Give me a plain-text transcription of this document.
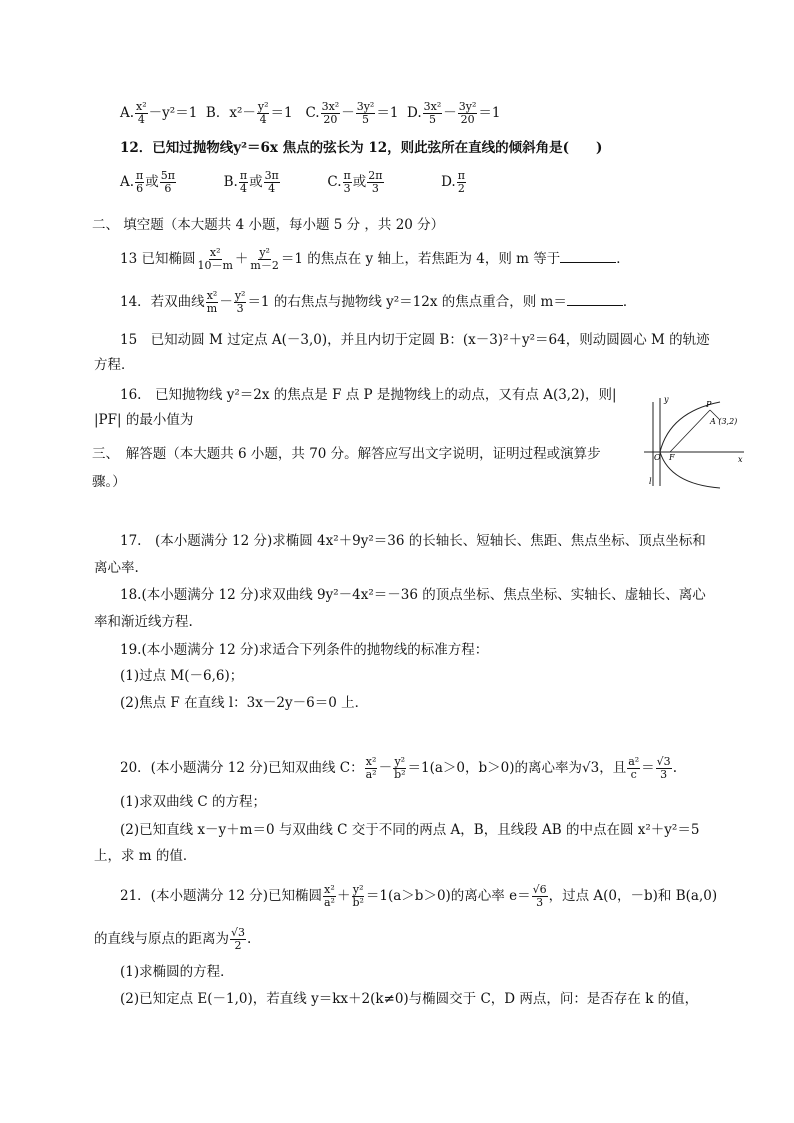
A. $\frac{\text{x²}}{4} -y^2=1$ B．$x^2- \frac{\text{y²}}{4} =1$ C. $\frac{\text{3x²}}{20} - \frac{\text{3y²}}{5} =1$ D. $\frac{\text{3x²}}{5} - \frac{\text{3y²}}{20} =1$
12．已知过抛物线y²＝6x 焦点的弦长为 12，则此弦所在直线的倾斜角是(　　)
A. $\frac{\pi}{6}$ 或 $\frac{5\pi}{6}$	B. $\frac{\pi}{4}$ 或 $\frac{3\pi}{4}$	C. $\frac{\pi}{3}$ 或 $\frac{2\pi}{3}$	D. $\frac{\pi}{2}$
二、 填空题（本大题共 4 小题，每小题 5 分 ，共 20 分）
13 已知椭圆 $\frac{\text{x²}}{10-m} + \frac{\text{y²}}{m-2} =1$ 的焦点在 y 轴上，若焦距为 4，则 m 等于	．
14．若双曲线 $\frac{\text{x²}}{m} - \frac{\text{y²}}{3} =1$ 的右焦点与抛物线 y²＝12x 的焦点重合，则 m＝	．
15　已知动圆 M 过定点 A(－3,0)，并且内切于定圆 B：(x－3)²＋y²＝64，则动圆圆心 M 的轨迹
方程．
16.　已知抛物线 y²＝2x 的焦点是 F 点 P 是抛物线上的动点，又有点 A(3,2)，则|
|PF| 的最小值为
y
x
O F
P
A (3,2)
l
三、　解答题（本大题共 6 小题，共 70 分。解答应写出文字说明，证明过程或演算步
骤。）
17.　(本小题满分 12 分)求椭圆 4x²＋9y²＝36 的长轴长、短轴长、焦距、焦点坐标、顶点坐标和
离心率.
18.(本小题满分 12 分)求双曲线 9y²－4x²＝－36 的顶点坐标、焦点坐标、实轴长、虚轴长、离心
率和渐近线方程.
19.(本小题满分 12 分)求适合下列条件的抛物线的标准方程：
(1)过点 M(－6,6)；
(2)焦点 F 在直线 l：3x－2y－6＝0 上．
20．(本小题满分 12 分)已知双曲线 C： $\frac{\text{x²}}{\text{a²}} - \frac{\text{y²}}{\text{b²}} =1(a>0$，b＞0)的离心率为√3，且 $\frac{\text{a²}}{c} = \frac{√3}{3}$ .
(1)求双曲线 C 的方程；
(2)已知直线 x－y＋m＝0 与双曲线 C 交于不同的两点 A，B，且线段 AB 的中点在圆 x²＋y²＝5
上，求 m 的值．
21．(本小题满分 12 分)已知椭圆 $\frac{\text{x²}}{\text{a²}} + \frac{\text{y²}}{\text{b²}} =1(a>b>0)$的离心率 $e= \frac{√6}{3}$ ，过点 A(0，－b)和 B(a,0)
的直线与原点的距离为 $\frac{√3}{2}$ .
(1)求椭圆的方程．
(2)已知定点 E(－1,0)，若直线 y＝kx＋2(k≠0)与椭圆交于 C，D 两点，问：是否存在 k 的值，
